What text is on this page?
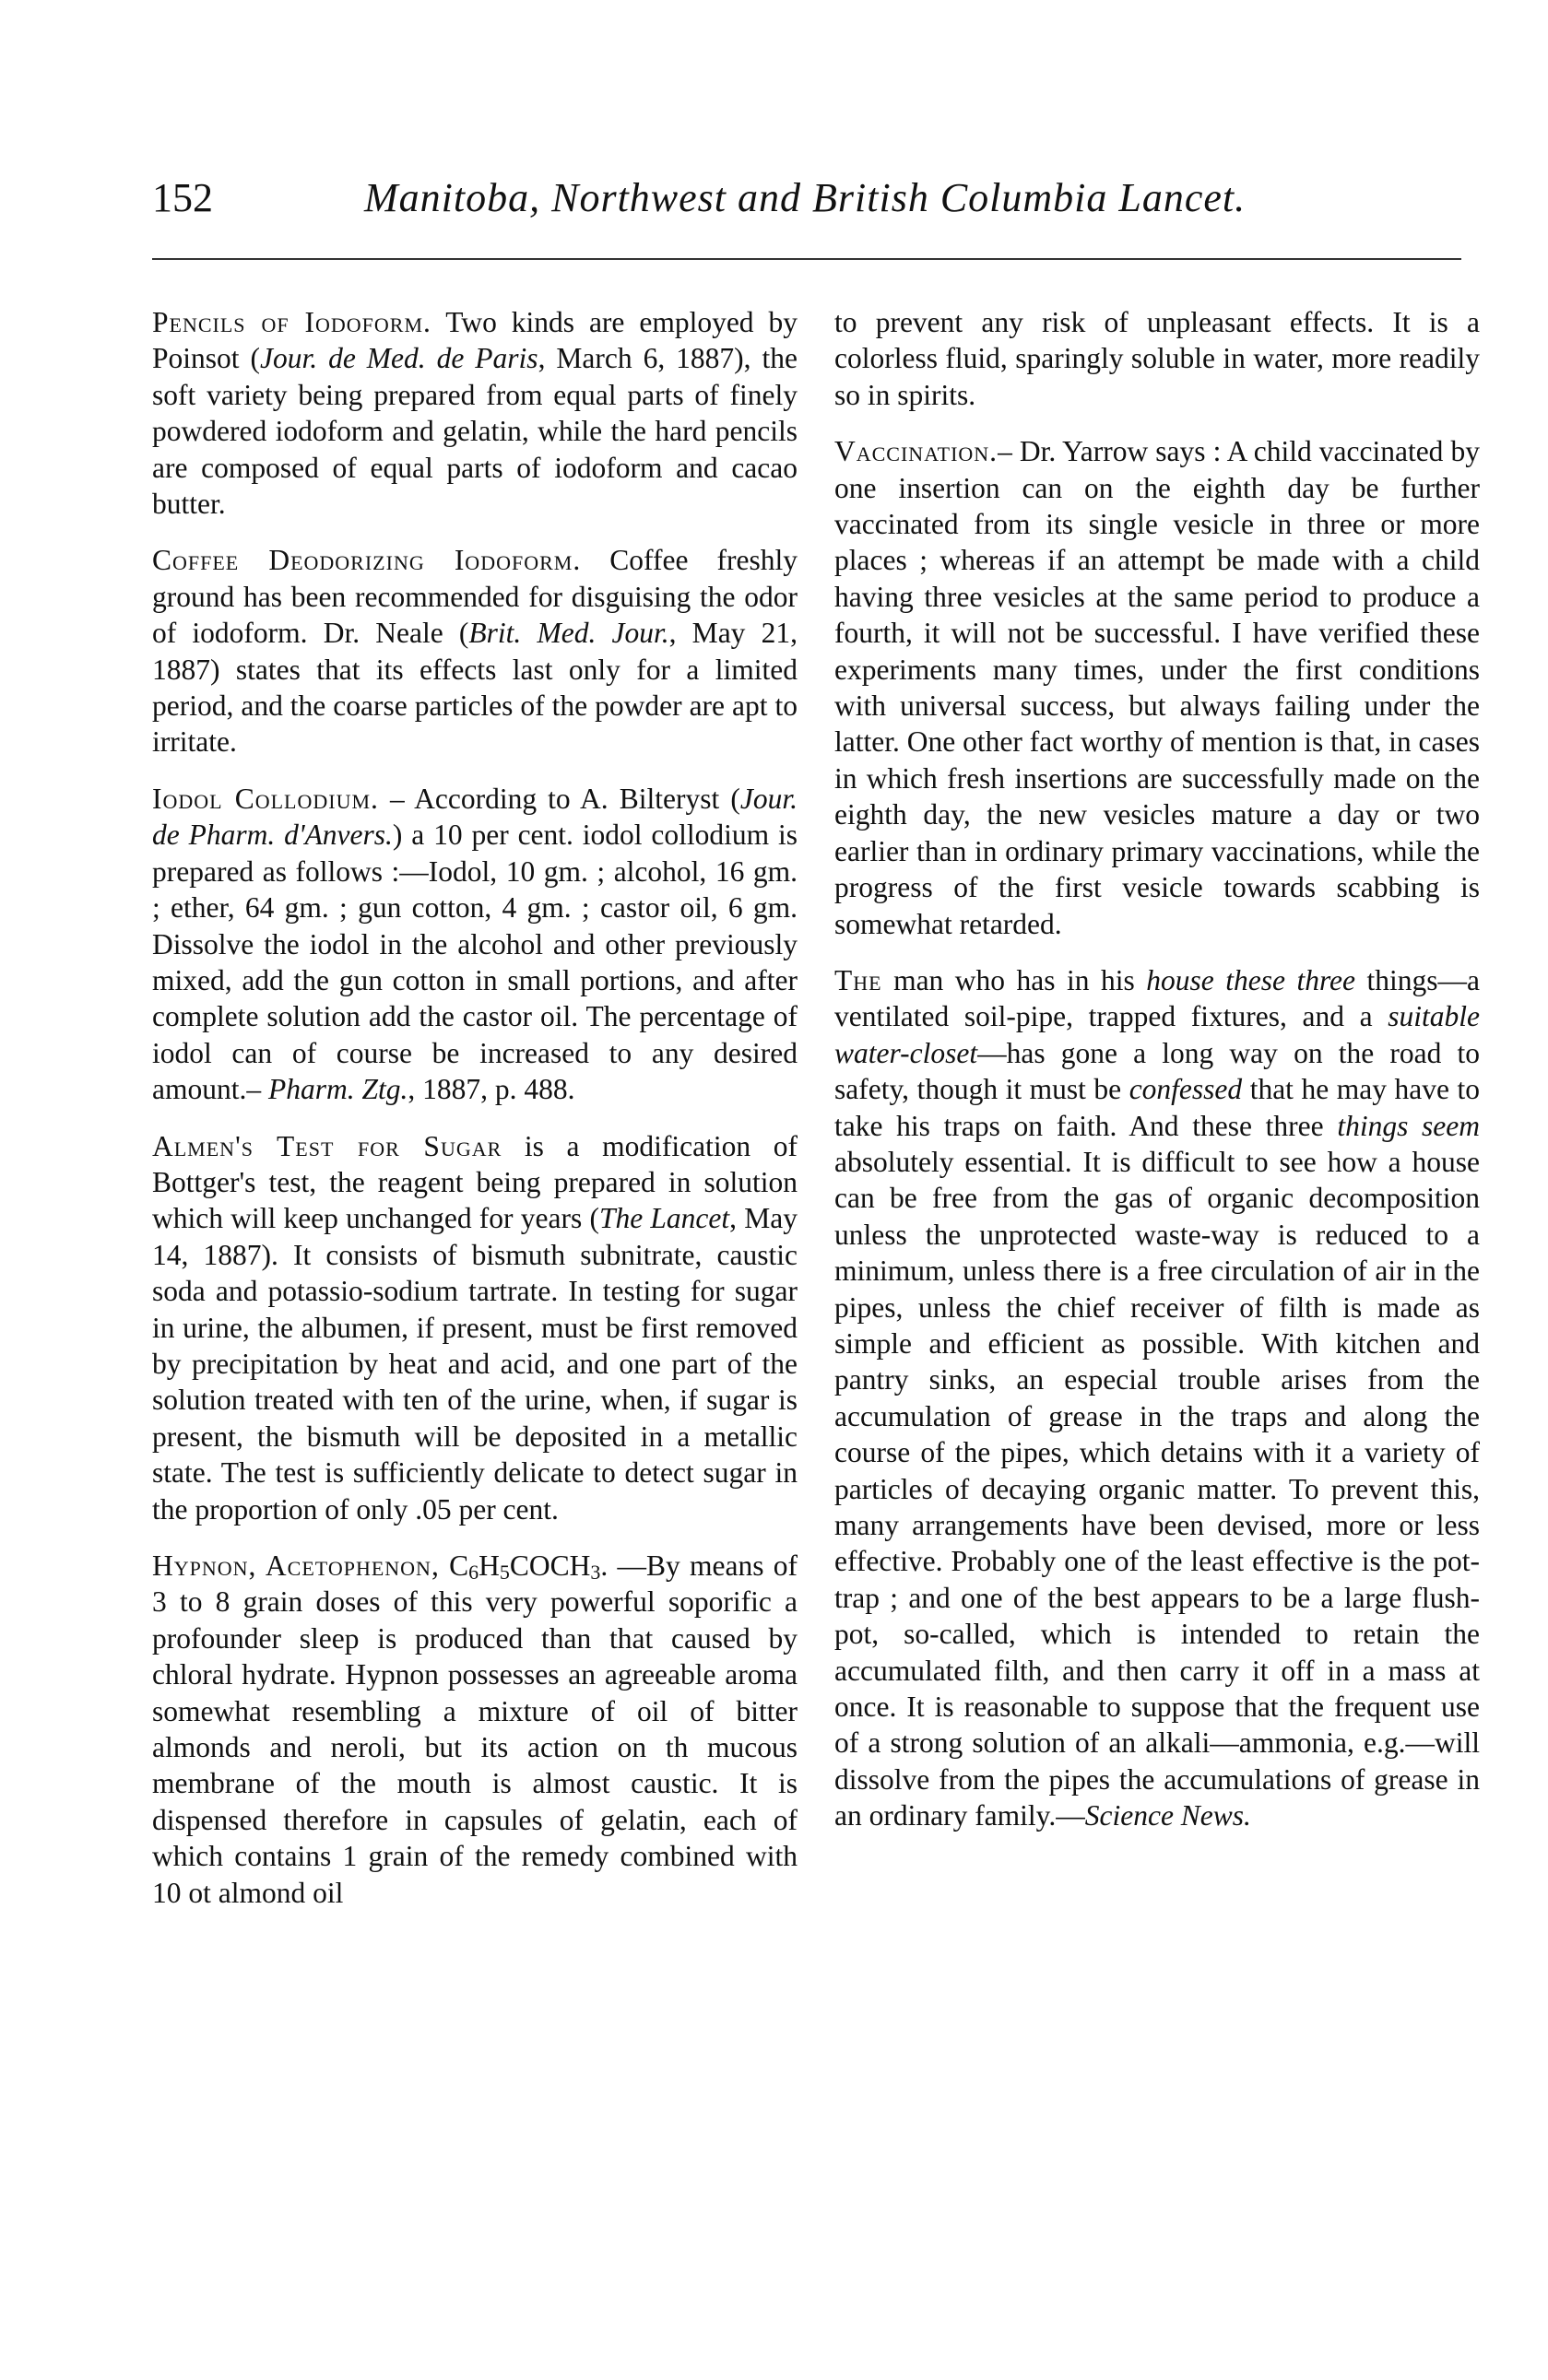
152	Manitoba, Northwest and British Columbia Lancet.

Pencils of Iodoform. Two kinds are employed by Poinsot (Jour. de Med. de Paris, March 6, 1887), the soft variety being prepared from equal parts of finely powdered iodoform and gelatin, while the hard pencils are composed of equal parts of iodoform and cacao butter.

Coffee Deodorizing Iodoform. Coffee freshly ground has been recommended for disguising the odor of iodoform. Dr. Neale (Brit. Med. Jour., May 21, 1887) states that its effects last only for a limited period, and the coarse particles of the powder are apt to irritate.

Iodol Collodium. – According to A. Bilteryst (Jour. de Pharm. d'Anvers.) a 10 per cent. iodol collodium is prepared as follows :—Iodol, 10 gm. ; alcohol, 16 gm. ; ether, 64 gm. ; gun cotton, 4 gm. ; castor oil, 6 gm. Dissolve the iodol in the alcohol and other previously mixed, add the gun cotton in small portions, and after complete solution add the castor oil. The percentage of iodol can of course be increased to any desired amount.– Pharm. Ztg., 1887, p. 488.

Almen's Test for Sugar is a modification of Bottger's test, the reagent being prepared in solution which will keep unchanged for years (The Lancet, May 14, 1887). It consists of bismuth subnitrate, caustic soda and potassio-sodium tartrate. In testing for sugar in urine, the albumen, if present, must be first removed by precipitation by heat and acid, and one part of the solution treated with ten of the urine, when, if sugar is present, the bismuth will be deposited in a metallic state. The test is sufficiently delicate to detect sugar in the proportion of only .05 per cent.

Hypnon, Acetophenon, $C_6H_5COCH_3$. —By means of 3 to 8 grain doses of this very powerful soporific a profounder sleep is produced than that caused by chloral hydrate. Hypnon possesses an agreeable aroma somewhat resembling a mixture of oil of bitter almonds and neroli, but its action on th mucous membrane of the mouth is almost caustic. It is dispensed therefore in capsules of gelatin, each of which contains 1 grain of the remedy combined with 10 ot almond oil

to prevent any risk of unpleasant effects. It is a colorless fluid, sparingly soluble in water, more readily so in spirits.

Vaccination.– Dr. Yarrow says : A child vaccinated by one insertion can on the eighth day be further vaccinated from its single vesicle in three or more places ; whereas if an attempt be made with a child having three vesicles at the same period to produce a fourth, it will not be successful. I have verified these experiments many times, under the first conditions with universal success, but always failing under the latter. One other fact worthy of mention is that, in cases in which fresh insertions are successfully made on the eighth day, the new vesicles mature a day or two earlier than in ordinary primary vaccinations, while the progress of the first vesicle towards scabbing is somewhat retarded.

The man who has in his house these three things—a ventilated soil-pipe, trapped fixtures, and a suitable water-closet—has gone a long way on the road to safety, though it must be confessed that he may have to take his traps on faith. And these three things seem absolutely essential. It is difficult to see how a house can be free from the gas of organic decomposition unless the unprotected waste-way is reduced to a minimum, unless there is a free circulation of air in the pipes, unless the chief receiver of filth is made as simple and efficient as possible. With kitchen and pantry sinks, an especial trouble arises from the accumulation of grease in the traps and along the course of the pipes, which detains with it a variety of particles of decaying organic matter. To prevent this, many arrangements have been devised, more or less effective. Probably one of the least effective is the pot-trap ; and one of the best appears to be a large flush-pot, so-called, which is intended to retain the accumulated filth, and then carry it off in a mass at once. It is reasonable to suppose that the frequent use of a strong solution of an alkali—ammonia, e.g.—will dissolve from the pipes the accumulations of grease in an ordinary family.—Science News.
